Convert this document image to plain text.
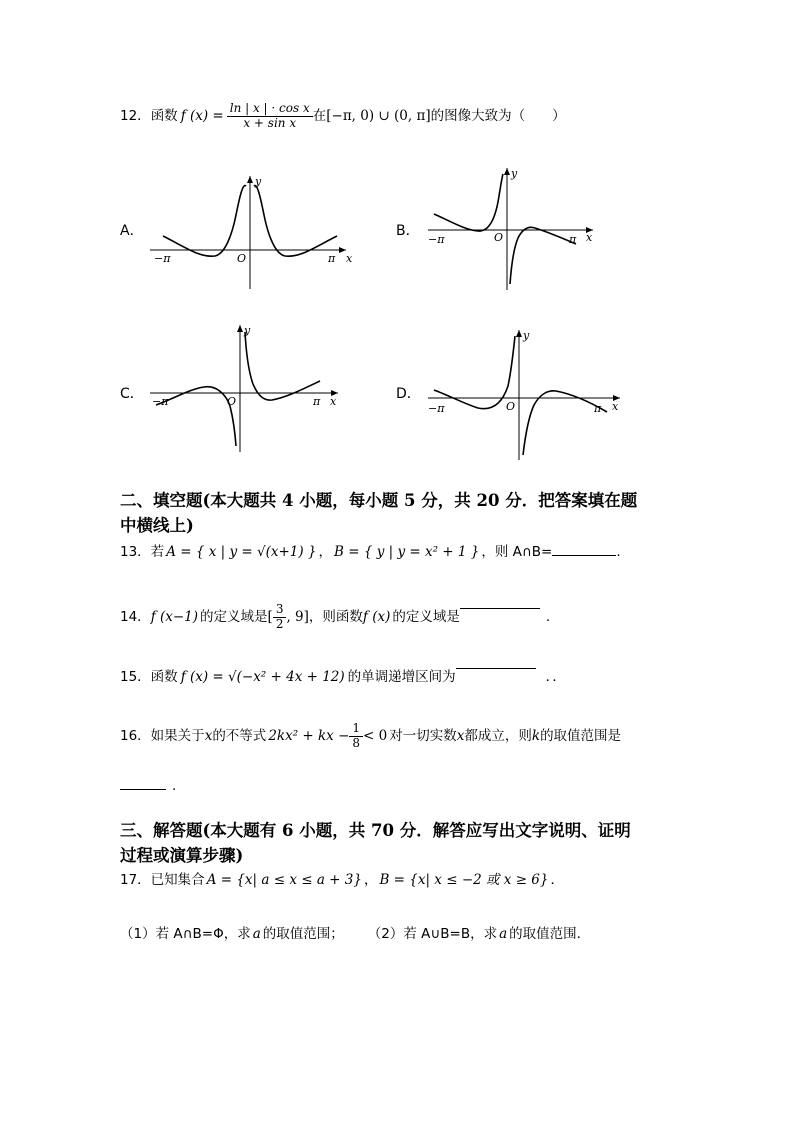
12．函数 f $(x) = \frac{\text{ln | x | · cos x}}{\text{x + sin x}}$ 在[−π, 0) ∪ (0, π]的图像大致为（　　）
A．	B．
C．	D．
y
O
−π	π x
y
O
−π	π x
y
O
−π	π x
y
O
−π	π x
二、填空题(本大题共 4 小题，每小题 5 分，共 20 分．把答案填在题
中横线上)
13．若 A = { x | y = √(x+1) } ， B = { y | y = x² + 1 } ，则 A∩B=	.
14．f (x−1) 的定义域是[ $\frac{3}{2}$ , 9]，则函数f (x) 的定义域是	.
15．函数 f (x) = √(−x² + 4x + 12) 的单调递增区间为	．．
16．如果关于x的不等式 2kx² + kx − $\frac{1}{8} < 0$ 对一切实数x都成立，则k的取值范围是
.
三、解答题(本大题有 6 小题，共 70 分．解答应写出文字说明、证明
过程或演算步骤)
17．已知集合 A = {x| a ≤ x ≤ a + 3} ， B = {x| x ≤ −2 或 x ≥ 6} ．
（1）若 A∩B=Φ，求 a 的取值范围； （2）若 A∪B=B，求 a 的取值范围.
